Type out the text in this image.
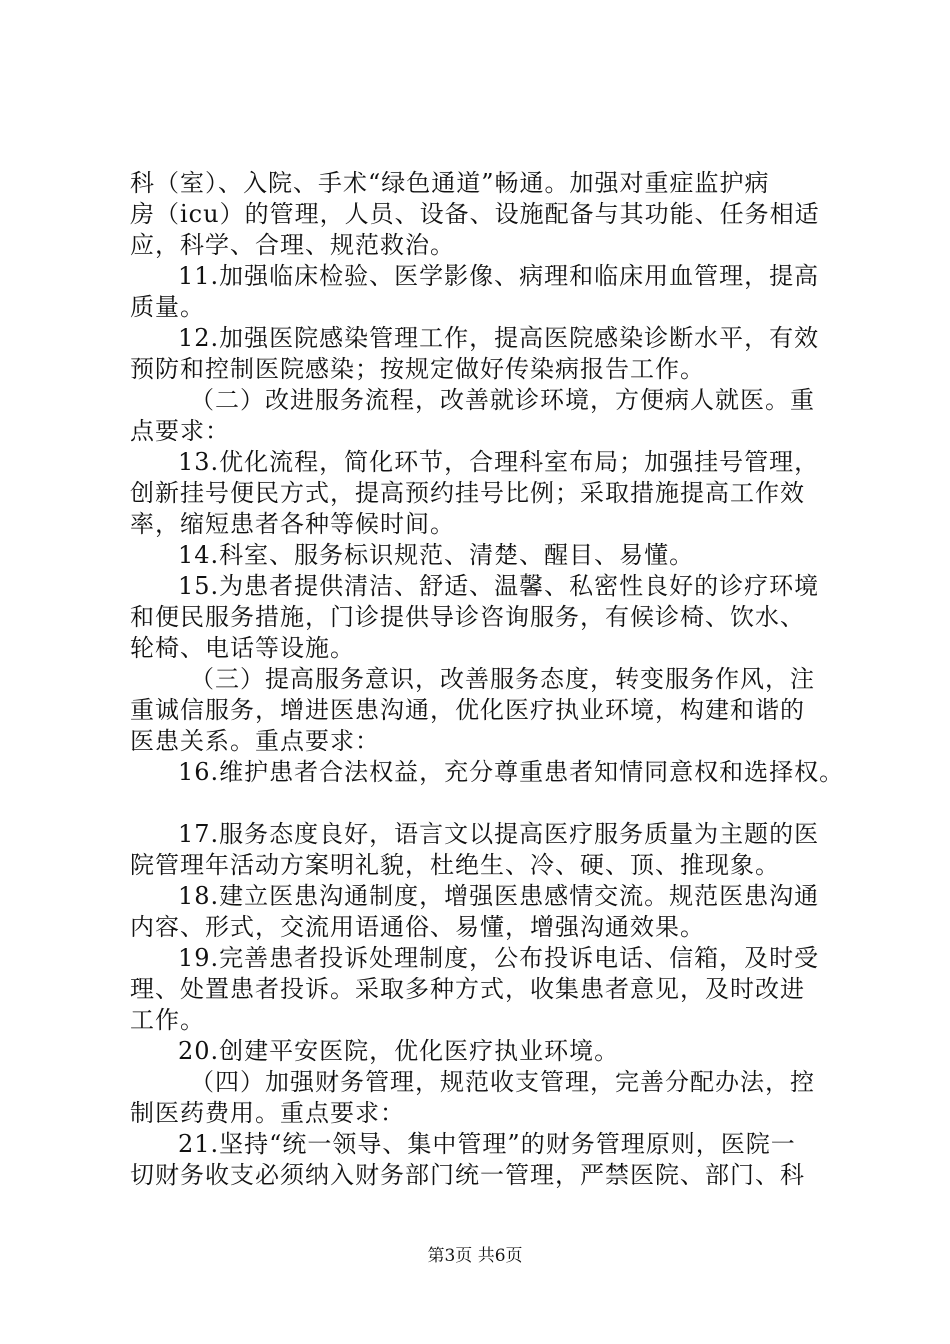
科（室）、入院、手术“绿色通道”畅通。加强对重症监护病
房（icu）的管理，人员、设备、设施配备与其功能、任务相适
应，科学、合理、规范救治。
11.加强临床检验、医学影像、病理和临床用血管理，提高
质量。
12.加强医院感染管理工作，提高医院感染诊断水平，有效
预防和控制医院感染；按规定做好传染病报告工作。
（二）改进服务流程，改善就诊环境，方便病人就医。重
点要求：
13.优化流程，简化环节，合理科室布局；加强挂号管理，
创新挂号便民方式，提高预约挂号比例；采取措施提高工作效
率，缩短患者各种等候时间。
14.科室、服务标识规范、清楚、醒目、易懂。
15.为患者提供清洁、舒适、温馨、私密性良好的诊疗环境
和便民服务措施，门诊提供导诊咨询服务，有候诊椅、饮水、
轮椅、电话等设施。
（三）提高服务意识，改善服务态度，转变服务作风，注
重诚信服务，增进医患沟通，优化医疗执业环境，构建和谐的
医患关系。重点要求：
16.维护患者合法权益，充分尊重患者知情同意权和选择权。
17.服务态度良好，语言文以提高医疗服务质量为主题的医
院管理年活动方案明礼貌，杜绝生、冷、硬、顶、推现象。
18.建立医患沟通制度，增强医患感情交流。规范医患沟通
内容、形式，交流用语通俗、易懂，增强沟通效果。
19.完善患者投诉处理制度，公布投诉电话、信箱，及时受
理、处置患者投诉。采取多种方式，收集患者意见，及时改进
工作。
20.创建平安医院，优化医疗执业环境。
（四）加强财务管理，规范收支管理，完善分配办法，控
制医药费用。重点要求：
21.坚持“统一领导、集中管理”的财务管理原则，医院一
切财务收支必须纳入财务部门统一管理，严禁医院、部门、科
第3页 共6页
